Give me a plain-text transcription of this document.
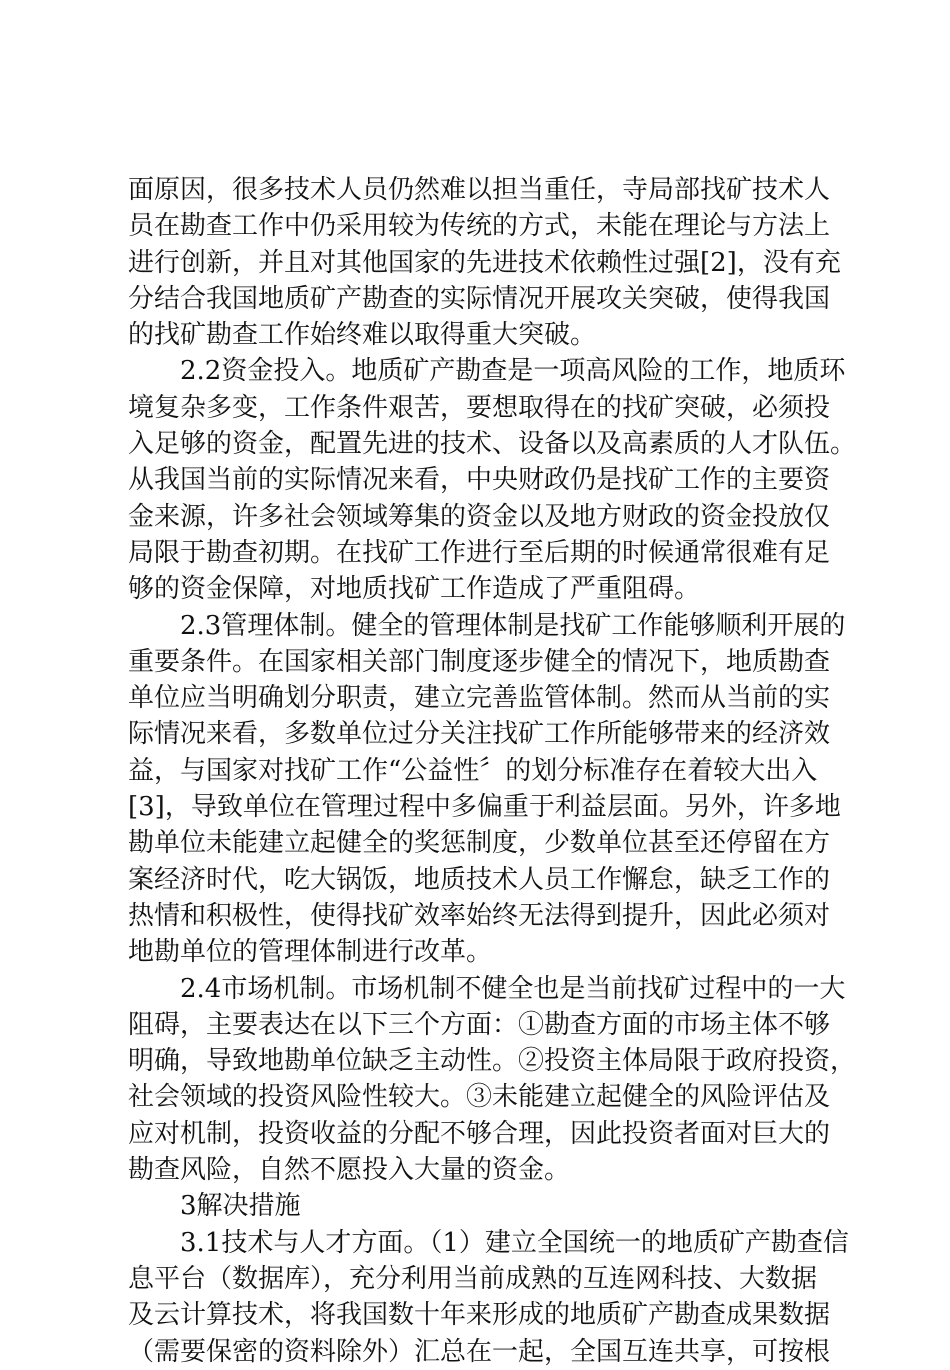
面原因，很多技术人员仍然难以担当重任，寺局部找矿技术人
员在勘查工作中仍采用较为传统的方式，未能在理论与方法上
进行创新，并且对其他国家的先进技术依赖性过强[2]，没有充
分结合我国地质矿产勘查的实际情况开展攻关突破，使得我国
的找矿勘查工作始终难以取得重大突破。
2.2资金投入。地质矿产勘查是一项高风险的工作，地质环
境复杂多变，工作条件艰苦，要想取得在的找矿突破，必须投
入足够的资金，配置先进的技术、设备以及高素质的人才队伍。
从我国当前的实际情况来看，中央财政仍是找矿工作的主要资
金来源，许多社会领域筹集的资金以及地方财政的资金投放仅
局限于勘查初期。在找矿工作进行至后期的时候通常很难有足
够的资金保障，对地质找矿工作造成了严重阻碍。
2.3管理体制。健全的管理体制是找矿工作能够顺利开展的
重要条件。在国家相关部门制度逐步健全的情况下，地质勘查
单位应当明确划分职责，建立完善监管体制。然而从当前的实
际情况来看，多数单位过分关注找矿工作所能够带来的经济效
益，与国家对找矿工作“公益性〞的划分标准存在着较大出入
[3]，导致单位在管理过程中多偏重于利益层面。另外，许多地
勘单位未能建立起健全的奖惩制度，少数单位甚至还停留在方
案经济时代，吃大锅饭，地质技术人员工作懈怠，缺乏工作的
热情和积极性，使得找矿效率始终无法得到提升，因此必须对
地勘单位的管理体制进行改革。
2.4市场机制。市场机制不健全也是当前找矿过程中的一大
阻碍，主要表达在以下三个方面：①勘查方面的市场主体不够
明确，导致地勘单位缺乏主动性。②投资主体局限于政府投资，
社会领域的投资风险性较大。③未能建立起健全的风险评估及
应对机制，投资收益的分配不够合理，因此投资者面对巨大的
勘查风险，自然不愿投入大量的资金。
3解决措施
3.1技术与人才方面。（1）建立全国统一的地质矿产勘查信
息平台（数据库），充分利用当前成熟的互连网科技、大数据
及云计算技术，将我国数十年来形成的地质矿产勘查成果数据
（需要保密的资料除外）汇总在一起，全国互连共享，可按根
